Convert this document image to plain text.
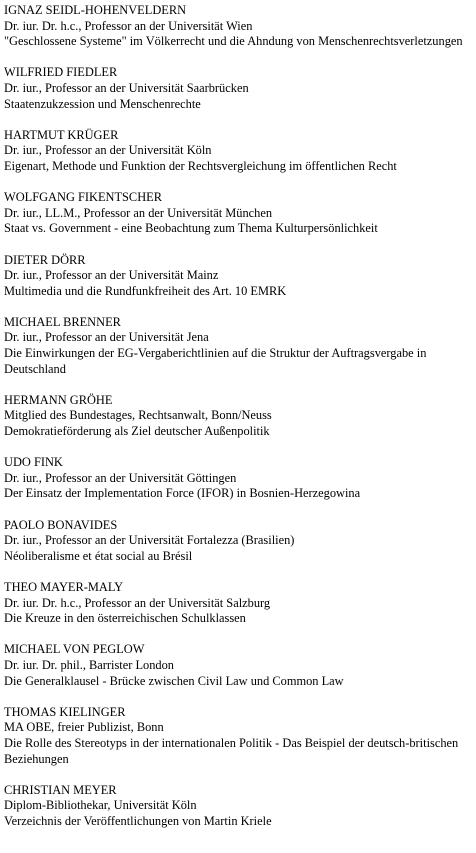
IGNAZ SEIDL-HOHENVELDERN
Dr. iur. Dr. h.c., Professor an der Universität Wien
"Geschlossene Systeme" im Völkerrecht und die Ahndung von Menschenrechtsverletzungen
WILFRIED FIEDLER
Dr. iur., Professor an der Universität Saarbrücken
Staatenzukzession und Menschenrechte
HARTMUT KRÜGER
Dr. iur., Professor an der Universität Köln
Eigenart, Methode und Funktion der Rechtsvergleichung im öffentlichen Recht
WOLFGANG FIKENTSCHER
Dr. iur., LL.M., Professor an der Universität München
Staat vs. Government - eine Beobachtung zum Thema Kulturpersönlichkeit
DIETER DÖRR
Dr. iur., Professor an der Universität Mainz
Multimedia und die Rundfunkfreiheit des Art. 10 EMRK
MICHAEL BRENNER
Dr. iur., Professor an der Universität Jena
Die Einwirkungen der EG-Vergaberichtlinien auf die Struktur der Auftragsvergabe in Deutschland
HERMANN GRÖHE
Mitglied des Bundestages, Rechtsanwalt, Bonn/Neuss
Demokratieförderung als Ziel deutscher Außenpolitik
UDO FINK
Dr. iur., Professor an der Universität Göttingen
Der Einsatz der Implementation Force (IFOR) in Bosnien-Herzegowina
PAOLO BONAVIDES
Dr. iur., Professor an der Universität Fortalezza (Brasilien)
Néoliberalisme et état social au Brésil
THEO MAYER-MALY
Dr. iur. Dr. h.c., Professor an der Universität Salzburg
Die Kreuze in den österreichischen Schulklassen
MICHAEL VON PEGLOW
Dr. iur. Dr. phil., Barrister London
Die Generalklausel - Brücke zwischen Civil Law und Common Law
THOMAS KIELINGER
MA OBE, freier Publizist, Bonn
Die Rolle des Stereotyps in der internationalen Politik - Das Beispiel der deutsch-britischen Beziehungen
CHRISTIAN MEYER
Diplom-Bibliothekar, Universität Köln
Verzeichnis der Veröffentlichungen von Martin Kriele
